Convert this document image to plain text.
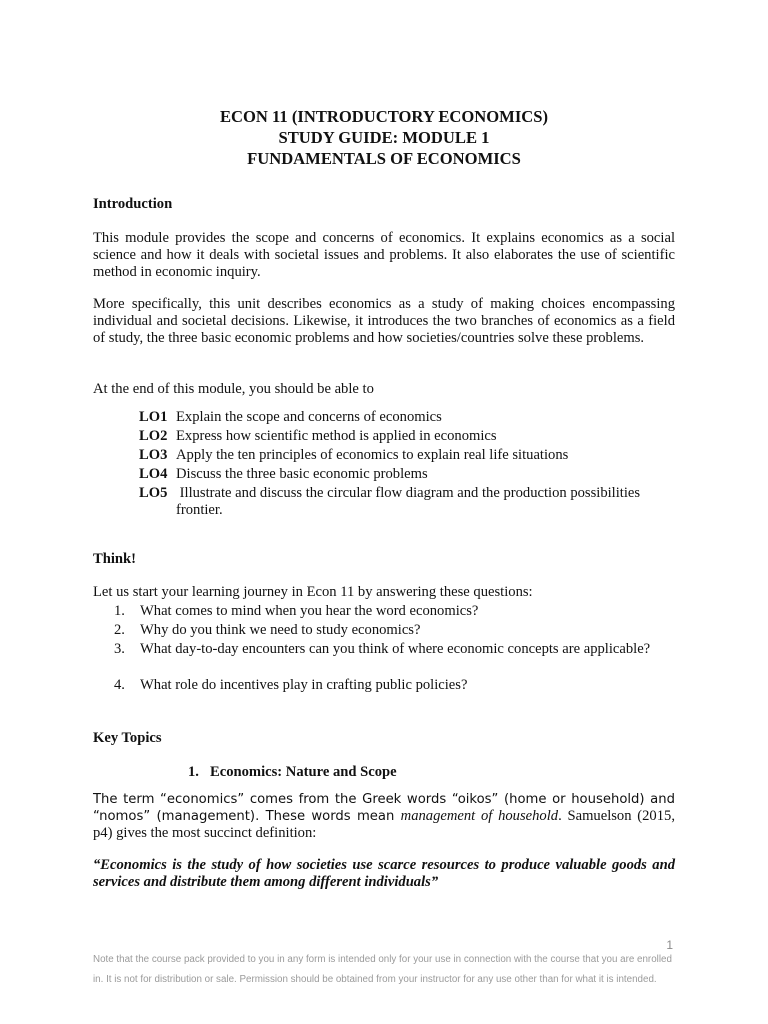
ECON 11 (INTRODUCTORY ECONOMICS)
STUDY GUIDE: MODULE 1
FUNDAMENTALS OF ECONOMICS
Introduction
This module provides the scope and concerns of economics. It explains economics as a social science and how it deals with societal issues and problems. It also elaborates the use of scientific method in economic inquiry.
More specifically, this unit describes economics as a study of making choices encompassing individual and societal decisions. Likewise, it introduces the two branches of economics as a field of study, the three basic economic problems and how societies/countries solve these problems.
At the end of this module, you should be able to
LO1 Explain the scope and concerns of economics
LO2 Express how scientific method is applied in economics
LO3 Apply the ten principles of economics to explain real life situations
LO4 Discuss the three basic economic problems
LO5 Illustrate and discuss the circular flow diagram and the production possibilities frontier.
Think!
Let us start your learning journey in Econ 11 by answering these questions:
1.	What comes to mind when you hear the word economics?
2.	Why do you think we need to study economics?
3.	What day-to-day encounters can you think of where economic concepts are applicable?
4.	What role do incentives play in crafting public policies?
Key Topics
1. Economics: Nature and Scope
The term “economics” comes from the Greek words “oikos” (home or household) and “nomos” (management). These words mean management of household. Samuelson (2015, p4) gives the most succinct definition:
“Economics is the study of how societies use scarce resources to produce valuable goods and services and distribute them among different individuals”
1
Note that the course pack provided to you in any form is intended only for your use in connection with the course that you are enrolled in. It is not for distribution or sale. Permission should be obtained from your instructor for any use other than for what it is intended.
